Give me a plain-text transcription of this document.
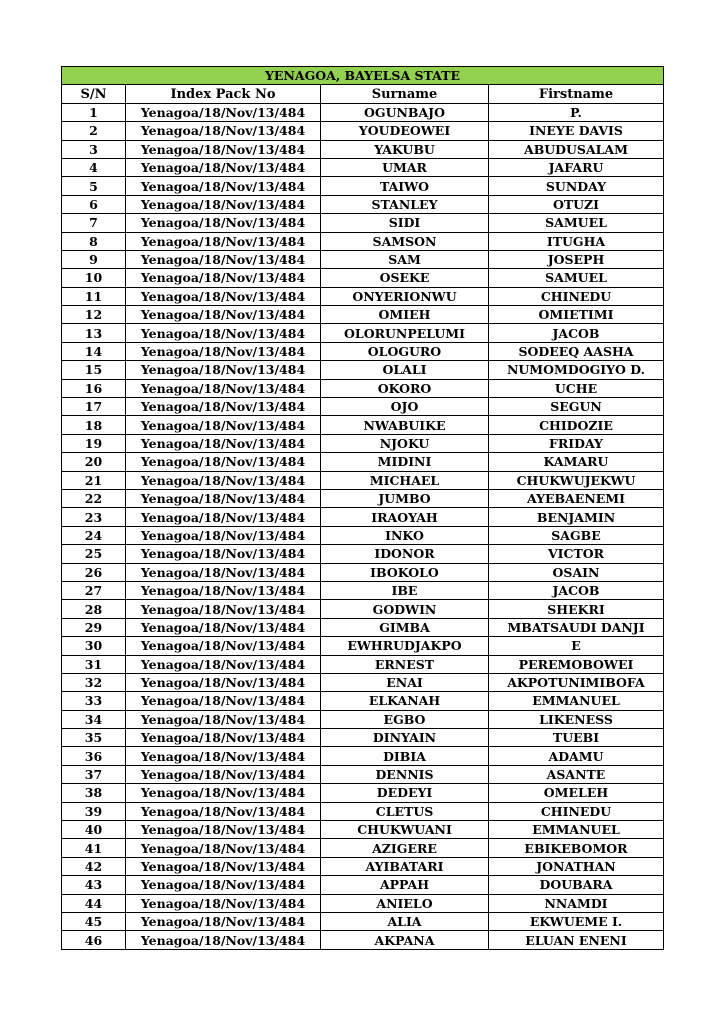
YENAGOA, BAYELSA STATE			
S/N	Index Pack No	Surname	Firstname
1	Yenagoa/18/Nov/13/484	OGUNBAJO	P.
2	Yenagoa/18/Nov/13/484	YOUDEOWEI	INEYE DAVIS
3	Yenagoa/18/Nov/13/484	YAKUBU	ABUDUSALAM
4	Yenagoa/18/Nov/13/484	UMAR	JAFARU
5	Yenagoa/18/Nov/13/484	TAIWO	SUNDAY
6	Yenagoa/18/Nov/13/484	STANLEY	OTUZI
7	Yenagoa/18/Nov/13/484	SIDI	SAMUEL
8	Yenagoa/18/Nov/13/484	SAMSON	ITUGHA
9	Yenagoa/18/Nov/13/484	SAM	JOSEPH
10	Yenagoa/18/Nov/13/484	OSEKE	SAMUEL
11	Yenagoa/18/Nov/13/484	ONYERIONWU	CHINEDU
12	Yenagoa/18/Nov/13/484	OMIEH	OMIETIMI
13	Yenagoa/18/Nov/13/484	OLORUNPELUMI	JACOB
14	Yenagoa/18/Nov/13/484	OLOGURO	SODEEQ AASHA
15	Yenagoa/18/Nov/13/484	OLALI	NUMOMDOGIYO D.
16	Yenagoa/18/Nov/13/484	OKORO	UCHE
17	Yenagoa/18/Nov/13/484	OJO	SEGUN
18	Yenagoa/18/Nov/13/484	NWABUIKE	CHIDOZIE
19	Yenagoa/18/Nov/13/484	NJOKU	FRIDAY
20	Yenagoa/18/Nov/13/484	MIDINI	KAMARU
21	Yenagoa/18/Nov/13/484	MICHAEL	CHUKWUJEKWU
22	Yenagoa/18/Nov/13/484	JUMBO	AYEBAENEMI
23	Yenagoa/18/Nov/13/484	IRAOYAH	BENJAMIN
24	Yenagoa/18/Nov/13/484	INKO	SAGBE
25	Yenagoa/18/Nov/13/484	IDONOR	VICTOR
26	Yenagoa/18/Nov/13/484	IBOKOLO	OSAIN
27	Yenagoa/18/Nov/13/484	IBE	JACOB
28	Yenagoa/18/Nov/13/484	GODWIN	SHEKRI
29	Yenagoa/18/Nov/13/484	GIMBA	MBATSAUDI DANJI
30	Yenagoa/18/Nov/13/484	EWHRUDJAKPO	E
31	Yenagoa/18/Nov/13/484	ERNEST	PEREMOBOWEI
32	Yenagoa/18/Nov/13/484	ENAI	AKPOTUNIMIBOFA
33	Yenagoa/18/Nov/13/484	ELKANAH	EMMANUEL
34	Yenagoa/18/Nov/13/484	EGBO	LIKENESS
35	Yenagoa/18/Nov/13/484	DINYAIN	TUEBI
36	Yenagoa/18/Nov/13/484	DIBIA	ADAMU
37	Yenagoa/18/Nov/13/484	DENNIS	ASANTE
38	Yenagoa/18/Nov/13/484	DEDEYI	OMELEH
39	Yenagoa/18/Nov/13/484	CLETUS	CHINEDU
40	Yenagoa/18/Nov/13/484	CHUKWUANI	EMMANUEL
41	Yenagoa/18/Nov/13/484	AZIGERE	EBIKEBOMOR
42	Yenagoa/18/Nov/13/484	AYIBATARI	JONATHAN
43	Yenagoa/18/Nov/13/484	APPAH	DOUBARA
44	Yenagoa/18/Nov/13/484	ANIELO	NNAMDI
45	Yenagoa/18/Nov/13/484	ALIA	EKWUEME I.
46	Yenagoa/18/Nov/13/484	AKPANA	ELUAN ENENI
